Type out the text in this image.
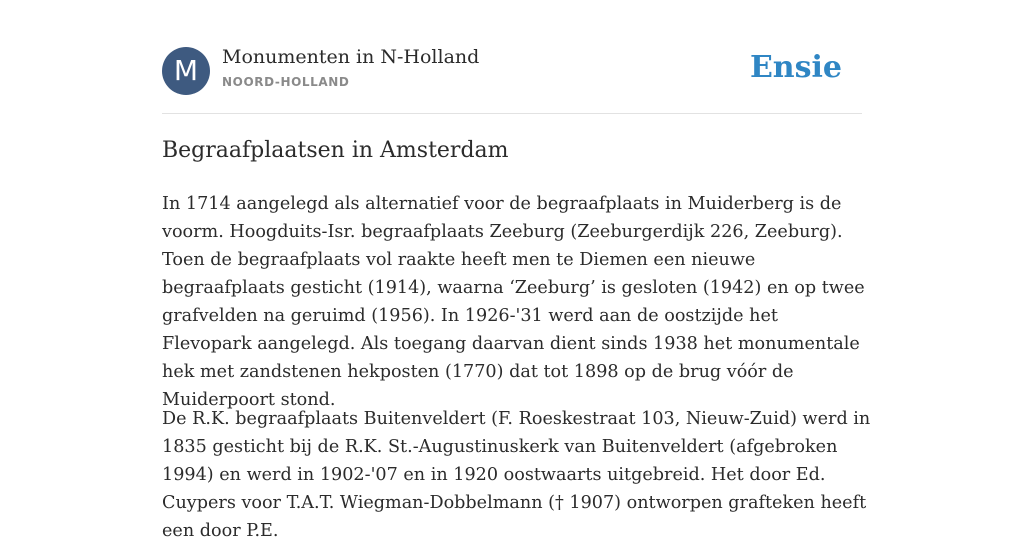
M	Monumenten in N-Holland
NOORD-HOLLAND	Ensie
Begraafplaatsen in Amsterdam

In 1714 aangelegd als alternatief voor de begraafplaats in Muiderberg is de voorm. Hoogduits-Isr. begraafplaats Zeeburg (Zeeburgerdijk 226, Zeeburg). Toen de begraafplaats vol raakte heeft men te Diemen een nieuwe begraafplaats gesticht (1914), waarna ‘Zeeburg’ is gesloten (1942) en op twee grafvelden na geruimd (1956). In 1926-'31 werd aan de oostzijde het Flevopark aangelegd. Als toegang daarvan dient sinds 1938 het monumentale hek met zandstenen hekposten (1770) dat tot 1898 op de brug vóór de Muiderpoort stond.

De R.K. begraafplaats Buitenveldert (F. Roeskestraat 103, Nieuw-Zuid) werd in 1835 gesticht bij de R.K. St.-Augustinuskerk van Buitenveldert (afgebroken 1994) en werd in 1902-'07 en in 1920 oostwaarts uitgebreid. Het door Ed. Cuypers voor T.A.T. Wiegman-Dobbelmann († 1907) ontworpen grafteken heeft een door P.E.
